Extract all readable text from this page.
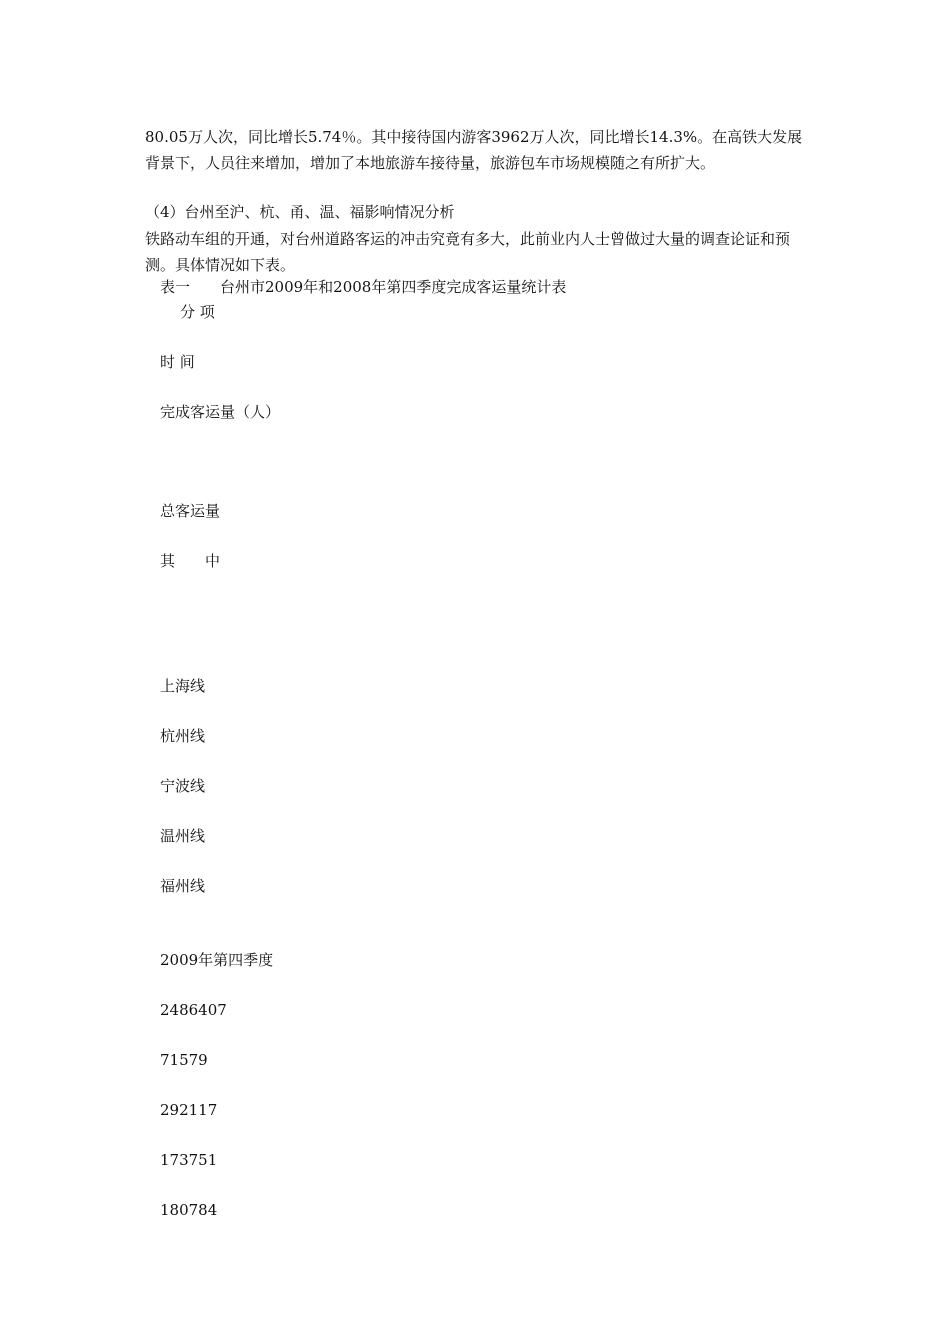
80.05万人次，同比增长5.74％。其中接待国内游客3962万人次，同比增长14.3%。在高铁大发展背景下，人员往来增加，增加了本地旅游车接待量，旅游包车市场规模随之有所扩大。

（4）台州至沪、杭、甬、温、福影响情况分析

铁路动车组的开通，对台州道路客运的冲击究竟有多大，此前业内人士曾做过大量的调查论证和预测。具体情况如下表。

表一　　台州市2009年和2008年第四季度完成客运量统计表

分 项

时 间

完成客运量（人）

总客运量

其　　中

上海线

杭州线

宁波线

温州线

福州线

2009年第四季度

2486407

71579

292117

173751

180784
